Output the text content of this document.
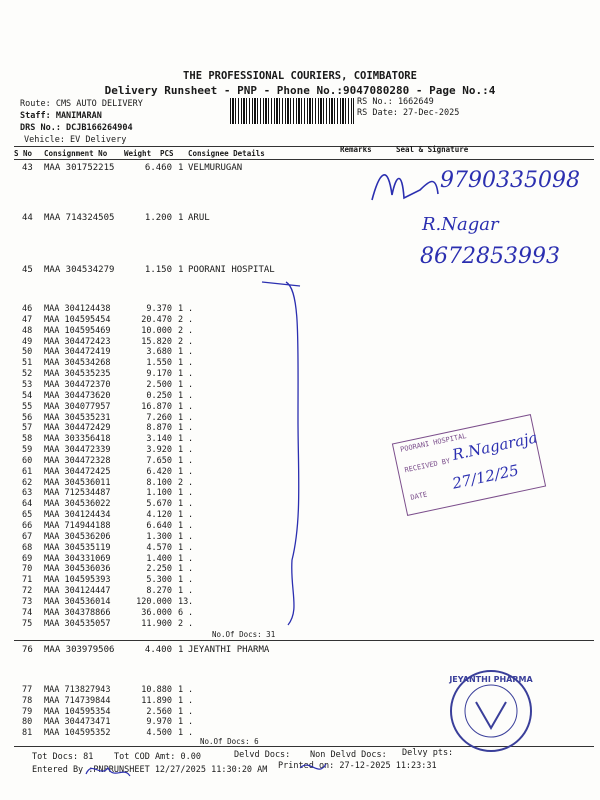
THE PROFESSIONAL COURIERS, COIMBATORE
Delivery Runsheet - PNP - Phone No.:9047080280 - Page No.:4
Route: CMS AUTO DELIVERY
Staff: MANIMARAN
DRS No.: DCJB166264904
Vehicle: EV Delivery
RS No.: 1662649
RS Date: 27-Dec-2025
S No Consignment No Weight PCS Consignee Details	Remarks	Seal & Signature
43 MAA 301752215	6.460 1 VELMURUGAN
44 MAA 714324505	1.200 1 ARUL
45 MAA 304534279	1.150 1 POORANI HOSPITAL
46 MAA 304124438	9.370 1 .
47 MAA 104595454	20.470 2 .
48 MAA 104595469	10.000 2 .
49 MAA 304472423	15.820 2 .
50 MAA 304472419	3.680 1 .
51 MAA 304534268	1.550 1 .
52 MAA 304535235	9.170 1 .
53 MAA 304472370	2.500 1 .
54 MAA 304473620	0.250 1 .
55 MAA 304077957	16.870 1 .
56 MAA 304535231	7.260 1 .
57 MAA 304472429	8.870 1 .
58 MAA 303356418	3.140 1 .
59 MAA 304472339	3.920 1 .
60 MAA 304472328	7.650 1 .
61 MAA 304472425	6.420 1 .
62 MAA 304536011	8.100 2 .
63 MAA 712534487	1.100 1 .
64 MAA 304536022	5.670 1 .
65 MAA 304124434	4.120 1 .
66 MAA 714944188	6.640 1 .
67 MAA 304536206	1.300 1 .
68 MAA 304535119	4.570 1 .
69 MAA 304331069	1.400 1 .
70 MAA 304536036	2.250 1 .
71 MAA 104595393	5.300 1 .
72 MAA 304124447	8.270 1 .
73 MAA 304536014	120.000 13 .
74 MAA 304378866	36.000 6 .
75 MAA 304535057	11.900 2 .
No.Of Docs: 31
76 MAA 303979506	4.400 1 JEYANTHI PHARMA
77 MAA 713827943	10.880 1 .
78 MAA 714739844	11.890 1 .
79 MAA 104595354	2.560 1 .
80 MAA 304473471	9.970 1 .
81 MAA 104595352	4.500 1 .
No.Of Docs: 6
Tot Docs: 81 Tot COD Amt: 0.00	Delvd Docs: Non Delvd Docs: Delvy pts:
Entered By :PNPRUNSHEET 12/27/2025 11:30:20 AM Printed on: 27-12-2025 11:23:31
9790335098
R.Nagar
8672853993
POORANI HOSPITAL
RECEIVED BY
DATE
R.Nagaraja
27/12/25
JEYANTHI PHARMA
